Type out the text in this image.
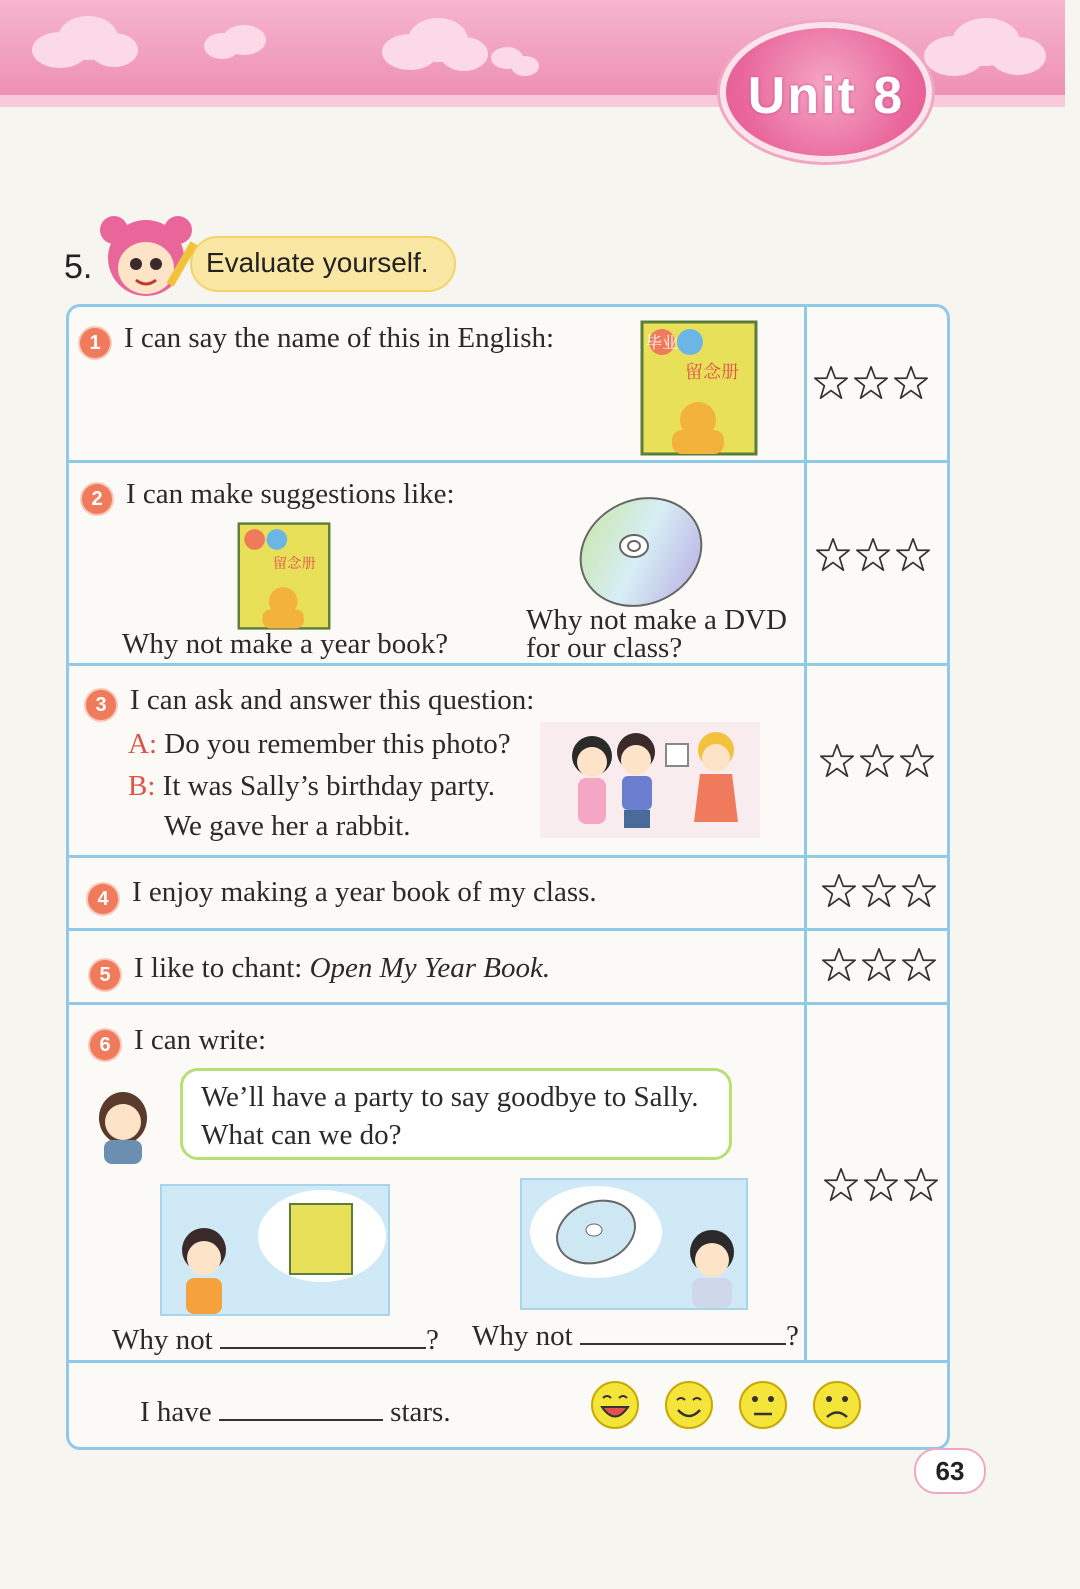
Unit 8
5.	Evaluate yourself.
1 I can say the name of this in English:	毕业
留念册
2 I can make suggestions like:
留念册
Why not make a year book?
Why not make a DVD
for our class?
3 I can ask and answer this question:
A: Do you remember this photo?
B: It was Sally’s birthday party.
We gave her a rabbit.
4 I enjoy making a year book of my class.
5 I like to chant: Open My Year Book.
6 I can write:
We’ll have a party to say goodbye to Sally.
What can we do?
Why not	? Why not	?
I have	stars.
63
